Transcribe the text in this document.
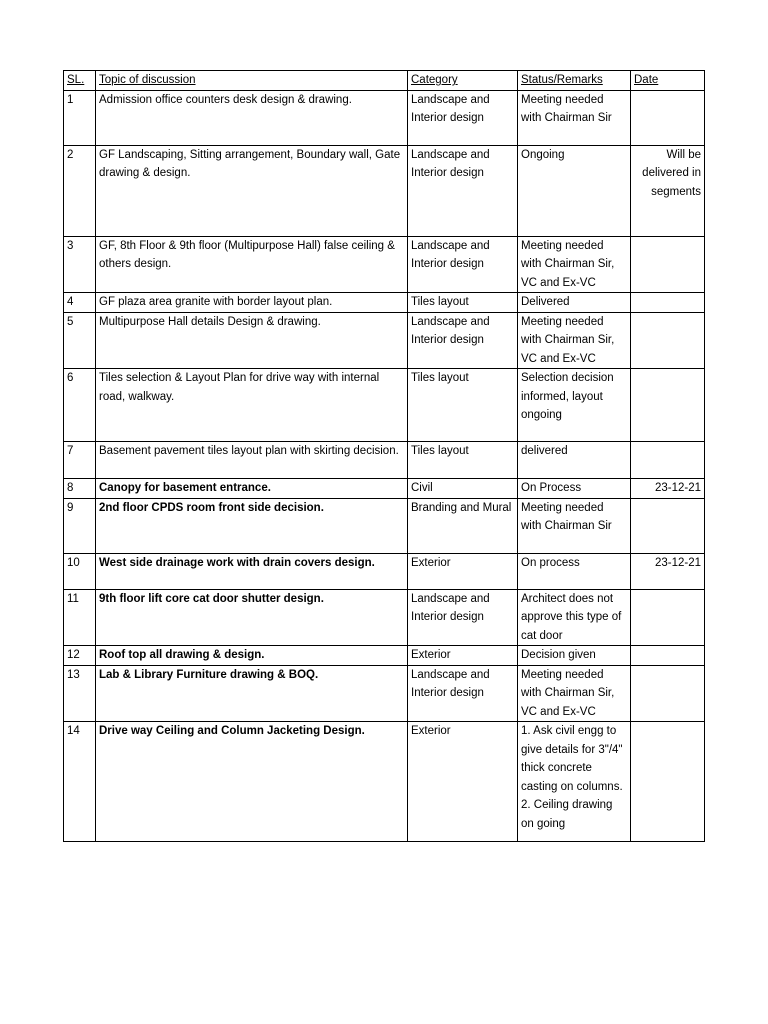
SL.	Topic of discussion	Category	Status/Remarks	Date
1	Admission office counters desk design & drawing.	Landscape and Interior design	Meeting needed with Chairman Sir	
2	GF Landscaping, Sitting arrangement, Boundary wall, Gate drawing & design.	Landscape and Interior design	Ongoing	Will be delivered in segments
3	GF, 8th Floor & 9th floor (Multipurpose Hall) false ceiling & others design.	Landscape and Interior design	Meeting needed with Chairman Sir, VC and Ex-VC	
4	GF plaza area granite with border layout plan.	Tiles layout	Delivered	
5	Multipurpose Hall details Design & drawing.	Landscape and Interior design	Meeting needed with Chairman Sir, VC and Ex-VC	
6	Tiles selection & Layout Plan for drive way with internal road, walkway.	Tiles layout	Selection decision informed, layout ongoing	
7	Basement pavement tiles layout plan with skirting decision.	Tiles layout	delivered	
8	Canopy for basement entrance.	Civil	On Process	23-12-21
9	2nd floor CPDS room front side decision.	Branding and Mural	Meeting needed with Chairman Sir	
10	West side drainage work with drain covers design.	Exterior	On process	23-12-21
11	9th floor lift core cat door shutter design.	Landscape and Interior design	Architect does not approve this type of cat door	
12	Roof top all drawing & design.	Exterior	Decision given	
13	Lab & Library Furniture drawing & BOQ.	Landscape and Interior design	Meeting needed with Chairman Sir, VC and Ex-VC	
14	Drive way Ceiling and Column Jacketing Design.	Exterior	1. Ask civil engg to give details for 3"/4" thick concrete casting on columns.
2. Ceiling drawing on going	
